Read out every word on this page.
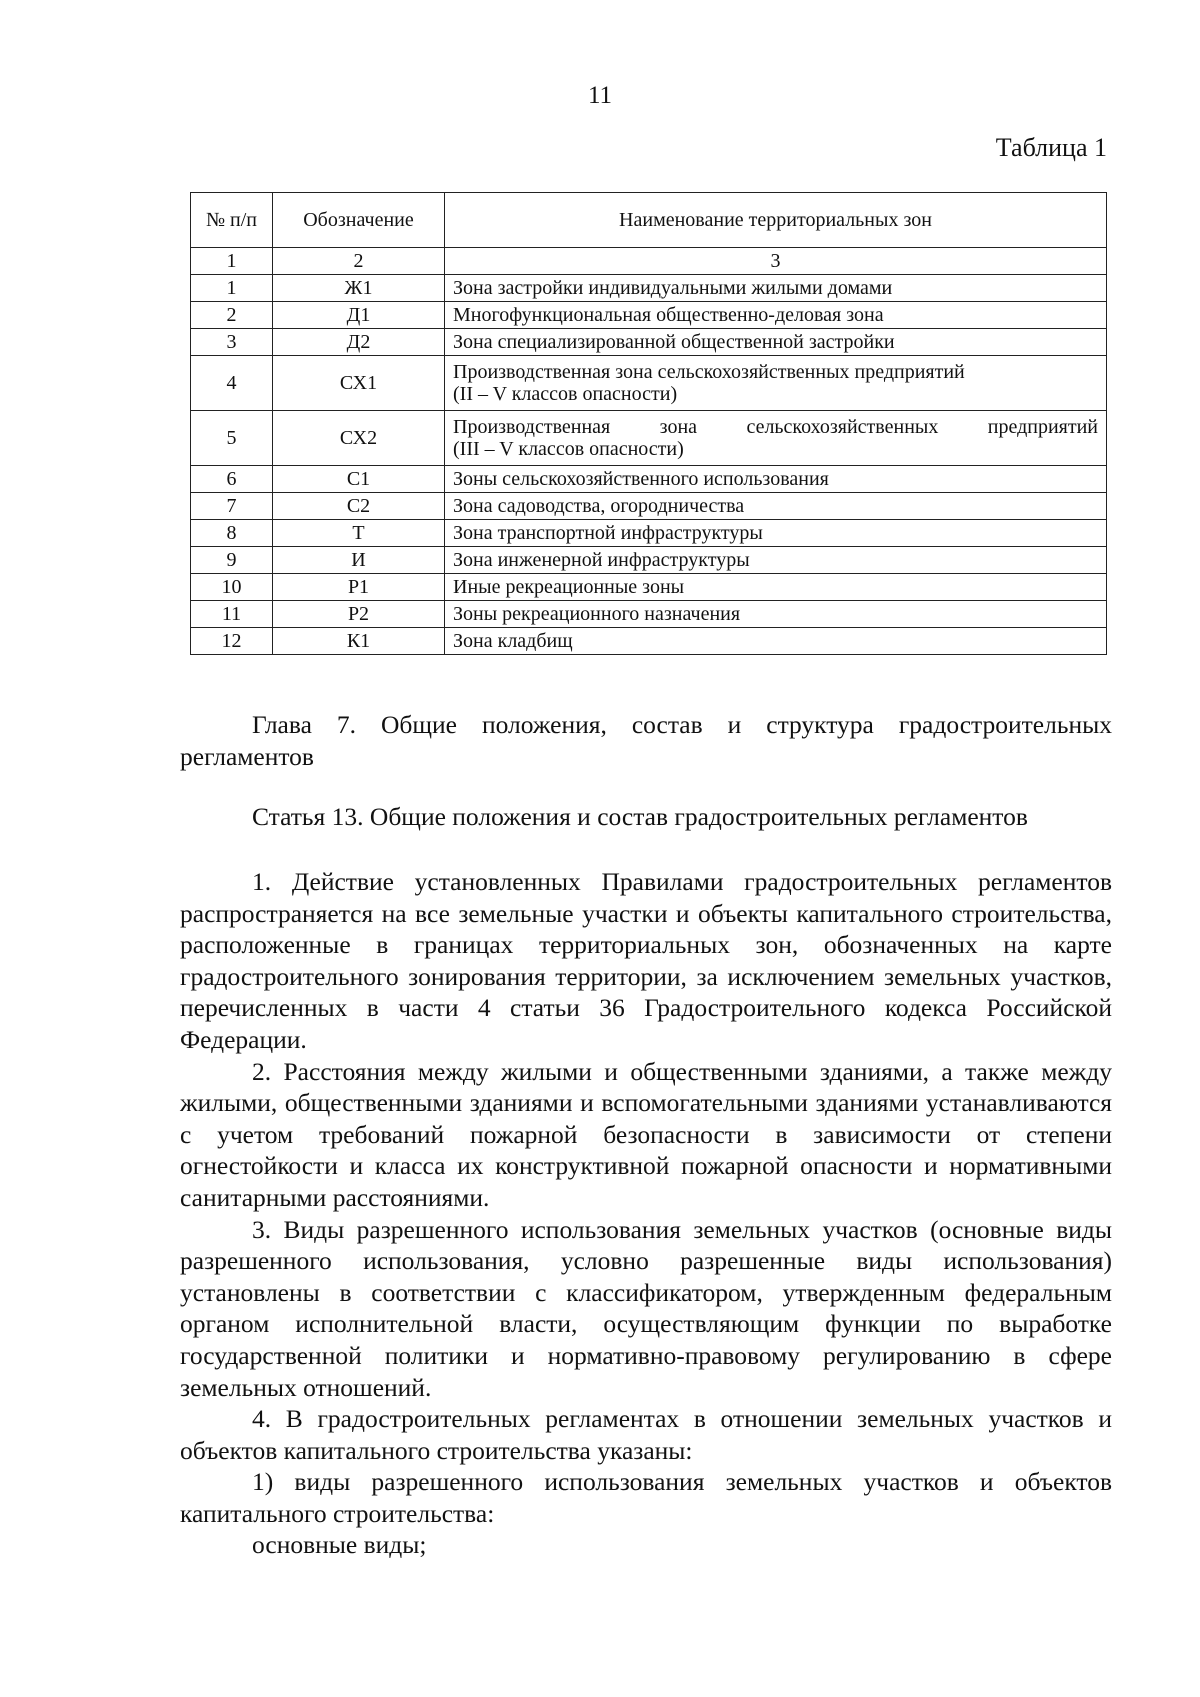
11
Таблица 1
№ п/п	Обозначение	Наименование территориальных зон
1	2	3
1	Ж1	Зона застройки индивидуальными жилыми домами
2	Д1	Многофункциональная общественно-деловая зона
3	Д2	Зона специализированной общественной застройки
4	СХ1	Производственная зона сельскохозяйственных предприятий
(II – V классов опасности)
5	СХ2	Производственная зона сельскохозяйственных предприятий
(III – V классов опасности)
6	С1	Зоны сельскохозяйственного использования
7	С2	Зона садоводства, огородничества
8	Т	Зона транспортной инфраструктуры
9	И	Зона инженерной инфраструктуры
10	Р1	Иные рекреационные зоны
11	Р2	Зоны рекреационного назначения
12	К1	Зона кладбищ
Глава 7. Общие положения, состав и структура градостроительных регламентов
Статья 13. Общие положения и состав градостроительных регламентов

1. Действие установленных Правилами градостроительных регламентов распространяется на все земельные участки и объекты капитального строительства, расположенные в границах территориальных зон, обозначенных на карте градостроительного зонирования территории, за исключением земельных участков, перечисленных в части 4 статьи 36 Градостроительного кодекса Российской Федерации.

2. Расстояния между жилыми и общественными зданиями, а также между жилыми, общественными зданиями и вспомогательными зданиями устанавливаются с учетом требований пожарной безопасности в зависимости от степени огнестойкости и класса их конструктивной пожарной опасности и нормативными санитарными расстояниями.

3. Виды разрешенного использования земельных участков (основные виды разрешенного использования, условно разрешенные виды использования) установлены в соответствии с классификатором, утвержденным федеральным органом исполнительной власти, осуществляющим функции по выработке государственной политики и нормативно-правовому регулированию в сфере земельных отношений.

4. В градостроительных регламентах в отношении земельных участков и объектов капитального строительства указаны:

1) виды разрешенного использования земельных участков и объектов капитального строительства:

основные виды;
